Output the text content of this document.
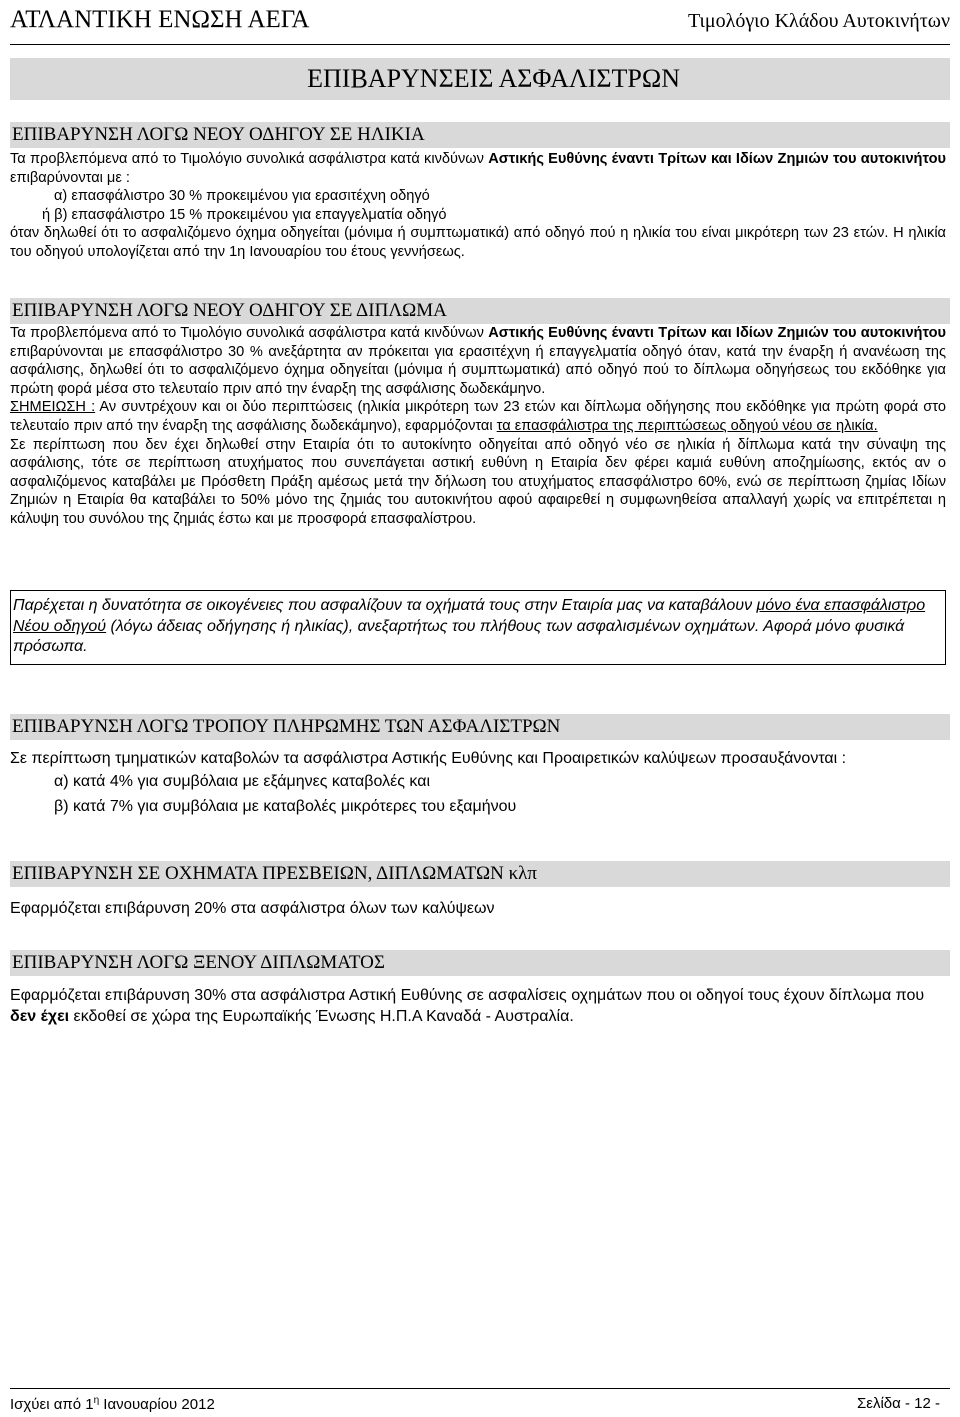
ΑΤΛΑΝΤΙΚΗ ΕΝΩΣΗ ΑΕΓΑ	Τιμολόγιο Κλάδου Αυτοκινήτων
ΕΠΙΒΑΡΥΝΣΕΙΣ ΑΣΦΑΛΙΣΤΡΩΝ
ΕΠΙΒΑΡΥΝΣΗ ΛΟΓΩ ΝΕΟΥ ΟΔΗΓΟΥ ΣΕ ΗΛΙΚΙΑ

Τα προβλεπόμενα από το Τιμολόγιο συνολικά ασφάλιστρα κατά κινδύνων Αστικής Ευθύνης έναντι Τρίτων και Ιδίων Ζημιών του αυτοκινήτου επιβαρύνονται με :

α) επασφάλιστρο 30 % προκειμένου για ερασιτέχνη οδηγό

ή β) επασφάλιστρο 15 % προκειμένου για επαγγελματία οδηγό

όταν δηλωθεί ότι το ασφαλιζόμενο όχημα οδηγείται (μόνιμα ή συμπτωματικά) από οδηγό πού η ηλικία του είναι μικρότερη των 23 ετών. Η ηλικία του οδηγού υπολογίζεται από την 1η Ιανουαρίου του έτους γεννήσεως.

ΕΠΙΒΑΡΥΝΣΗ ΛΟΓΩ ΝΕΟΥ ΟΔΗΓΟΥ ΣΕ ΔΙΠΛΩΜΑ

Τα προβλεπόμενα από το Τιμολόγιο συνολικά ασφάλιστρα κατά κινδύνων Αστικής Ευθύνης έναντι Τρίτων και Ιδίων Ζημιών του αυτοκινήτου επιβαρύνονται με επασφάλιστρο 30 % ανεξάρτητα αν πρόκειται για ερασιτέχνη ή επαγγελματία οδηγό όταν, κατά την έναρξη ή ανανέωση της ασφάλισης, δηλωθεί ότι το ασφαλιζόμενο όχημα οδηγείται (μόνιμα ή συμπτωματικά) από οδηγό πού το δίπλωμα οδηγήσεως του εκδόθηκε για πρώτη φορά μέσα στο τελευταίο πριν από την έναρξη της ασφάλισης δωδεκάμηνο.

ΣΗΜΕΙΩΣΗ : Αν συντρέχουν και οι δύο περιπτώσεις (ηλικία μικρότερη των 23 ετών και δίπλωμα οδήγησης που εκδόθηκε για πρώτη φορά στο τελευταίο πριν από την έναρξη της ασφάλισης δωδεκάμηνο), εφαρμόζονται τα επασφάλιστρα της περιπτώσεως οδηγού νέου σε ηλικία.

Σε περίπτωση που δεν έχει δηλωθεί στην Εταιρία ότι το αυτοκίνητο οδηγείται από οδηγό νέο σε ηλικία ή δίπλωμα κατά την σύναψη της ασφάλισης, τότε σε περίπτωση ατυχήματος που συνεπάγεται αστική ευθύνη η Εταιρία δεν φέρει καμιά ευθύνη αποζημίωσης, εκτός αν ο ασφαλιζόμενος καταβάλει με Πρόσθετη Πράξη αμέσως μετά την δήλωση του ατυχήματος επασφάλιστρο 60%, ενώ σε περίπτωση ζημίας Ιδίων Ζημιών η Εταιρία θα καταβάλει το 50% μόνο της ζημιάς του αυτοκινήτου αφού αφαιρεθεί η συμφωνηθείσα απαλλαγή χωρίς να επιτρέπεται η κάλυψη του συνόλου της ζημιάς έστω και με προσφορά επασφαλίστρου.

Παρέχεται η δυνατότητα σε οικογένειες που ασφαλίζουν τα οχήματά τους στην Εταιρία μας να καταβάλουν μόνο ένα επασφάλιστρο Νέου οδηγού (λόγω άδειας οδήγησης ή ηλικίας), ανεξαρτήτως του πλήθους των ασφαλισμένων οχημάτων. Αφορά μόνο φυσικά πρόσωπα.
ΕΠΙΒΑΡΥΝΣΗ ΛΟΓΩ ΤΡΟΠΟΥ ΠΛΗΡΩΜΗΣ ΤΩΝ ΑΣΦΑΛΙΣΤΡΩΝ

Σε περίπτωση τμηματικών καταβολών τα ασφάλιστρα Αστικής Ευθύνης και Προαιρετικών καλύψεων προσαυξάνονται :

α) κατά 4% για συμβόλαια με εξάμηνες καταβολές και

β) κατά 7% για συμβόλαια με καταβολές μικρότερες του εξαμήνου

ΕΠΙΒΑΡΥΝΣΗ ΣΕ ΟΧΗΜΑΤΑ ΠΡΕΣΒΕΙΩΝ, ΔΙΠΛΩΜΑΤΩΝ κλπ

Εφαρμόζεται επιβάρυνση 20% στα ασφάλιστρα όλων των καλύψεων

ΕΠΙΒΑΡΥΝΣΗ ΛΟΓΩ ΞΕΝΟΥ ΔΙΠΛΩΜΑΤΟΣ

Εφαρμόζεται επιβάρυνση 30% στα ασφάλιστρα Αστική Ευθύνης σε ασφαλίσεις οχημάτων που οι οδηγοί τους έχουν δίπλωμα που δεν έχει εκδοθεί σε χώρα της Ευρωπαϊκής Ένωσης Η.Π.Α Καναδά - Αυστραλία.

Ισχύει από $1^\eta$ Ιανουαρίου 2012	Σελίδα - 12 -
